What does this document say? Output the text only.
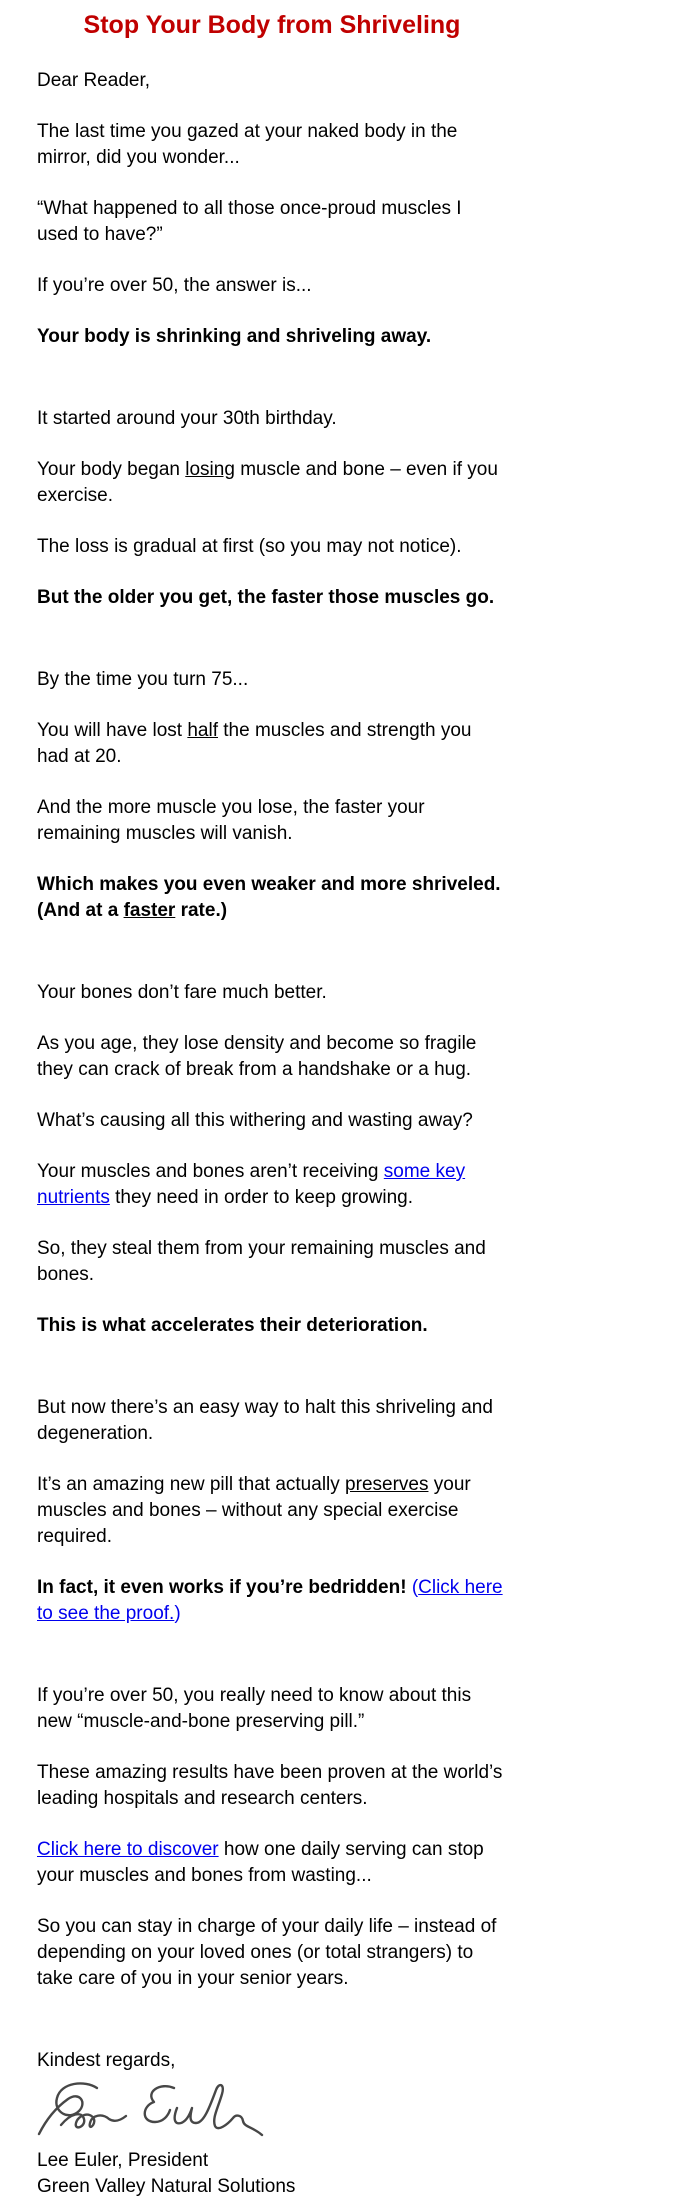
Stop Your Body from Shriveling

Dear Reader,

The last time you gazed at your naked body in the mirror, did you wonder...

“What happened to all those once-proud muscles I used to have?”

If you’re over 50, the answer is...

Your body is shrinking and shriveling away.

It started around your 30th birthday.

Your body began losing muscle and bone – even if you exercise.

The loss is gradual at first (so you may not notice).

But the older you get, the faster those muscles go.

By the time you turn 75...

You will have lost half the muscles and strength you had at 20.

And the more muscle you lose, the faster your remaining muscles will vanish.

Which makes you even weaker and more shriveled. (And at a faster rate.)

Your bones don’t fare much better.

As you age, they lose density and become so fragile they can crack of break from a handshake or a hug.

What’s causing all this withering and wasting away?

Your muscles and bones aren’t receiving some key nutrients they need in order to keep growing.

So, they steal them from your remaining muscles and bones.

This is what accelerates their deterioration.

But now there’s an easy way to halt this shriveling and degeneration.

It’s an amazing new pill that actually preserves your muscles and bones – without any special exercise required.

In fact, it even works if you’re bedridden! (Click here to see the proof.)

If you’re over 50, you really need to know about this new “muscle-and-bone preserving pill.”

These amazing results have been proven at the world’s leading hospitals and research centers.

Click here to discover how one daily serving can stop your muscles and bones from wasting...

So you can stay in charge of your daily life – instead of depending on your loved ones (or total strangers) to take care of you in your senior years.

Kindest regards,

Lee Euler, President

Green Valley Natural Solutions
